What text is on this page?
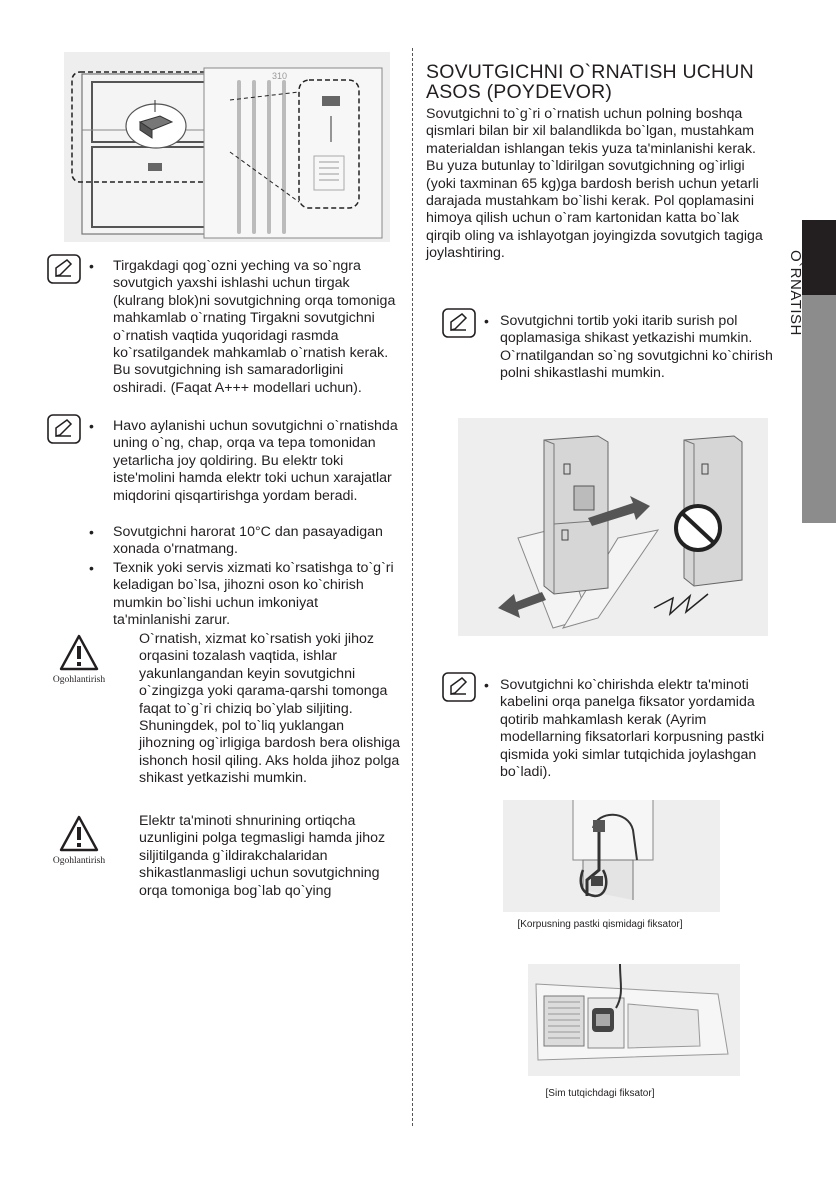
O`RNATISH
310
• Tirgakdagi qog`ozni yeching va so`ngra sovutgich yaxshi ishlashi uchun tirgak (kulrang blok)ni sovutgichning orqa tomoniga mahkamlab o`rnating Tirgakni sovutgichni o`rnatish vaqtida yuqoridagi rasmda ko`rsatilgandek mahkamlab o`rnatish kerak. Bu sovutgichning ish samaradorligini oshiradi. (Faqat A+++ modellari uchun).
• Havo aylanishi uchun sovutgichni o`rnatishda uning o`ng, chap, orqa va tepa tomonidan yetarlicha joy qoldiring. Bu elektr toki iste'molini hamda elektr toki uchun xarajatlar miqdorini qisqartirishga yordam beradi.
• Sovutgichni harorat 10°C dan pasayadigan xonada o'rnatmang.
• Texnik yoki servis xizmati ko`rsatishga to`g`ri keladigan bo`lsa, jihozni oson ko`chirish mumkin bo`lishi uchun imkoniyat ta'minlanishi zarur.
Ogohlantirish
O`rnatish, xizmat ko`rsatish yoki jihoz orqasini tozalash vaqtida, ishlar yakunlangandan keyin sovutgichni o`zingizga yoki qarama-qarshi tomonga faqat to`g`ri chiziq bo`ylab siljiting. Shuningdek, pol to`liq yuklangan jihozning og`irligiga bardosh bera olishiga ishonch hosil qiling. Aks holda jihoz polga shikast yetkazishi mumkin.
Ogohlantirish
Elektr ta'minoti shnurining ortiqcha uzunligini polga tegmasligi hamda jihoz siljitilganda g`ildirakchalaridan shikastlanmasligi uchun sovutgichning orqa tomoniga bog`lab qo`ying
SOVUTGICHNI O`RNATISH UCHUN ASOS (POYDEVOR)
Sovutgichni to`g`ri o`rnatish uchun polning boshqa qismlari bilan bir xil balandlikda bo`lgan, mustahkam materialdan ishlangan tekis yuza ta'minlanishi kerak. Bu yuza butunlay to`ldirilgan sovutgichning og`irligi (yoki taxminan 65 kg)ga bardosh berish uchun yetarli darajada mustahkam bo`lishi kerak. Pol qoplamasini himoya qilish uchun o`ram kartonidan katta bo`lak qirqib oling va ishlayotgan joyingizda sovutgich tagiga joylashtiring.
• Sovutgichni tortib yoki itarib surish pol qoplamasiga shikast yetkazishi mumkin. O`rnatilgandan so`ng sovutgichni ko`chirish polni shikastlashi mumkin.
• Sovutgichni ko`chirishda elektr ta'minoti kabelini orqa panelga fiksator yordamida qotirib mahkamlash kerak (Ayrim modellarning fiksatorlari korpusning pastki qismida yoki simlar tutqichida joylashgan bo`ladi).
[Korpusning pastki qismidagi fiksator]
[Sim tutqichdagi fiksator]
